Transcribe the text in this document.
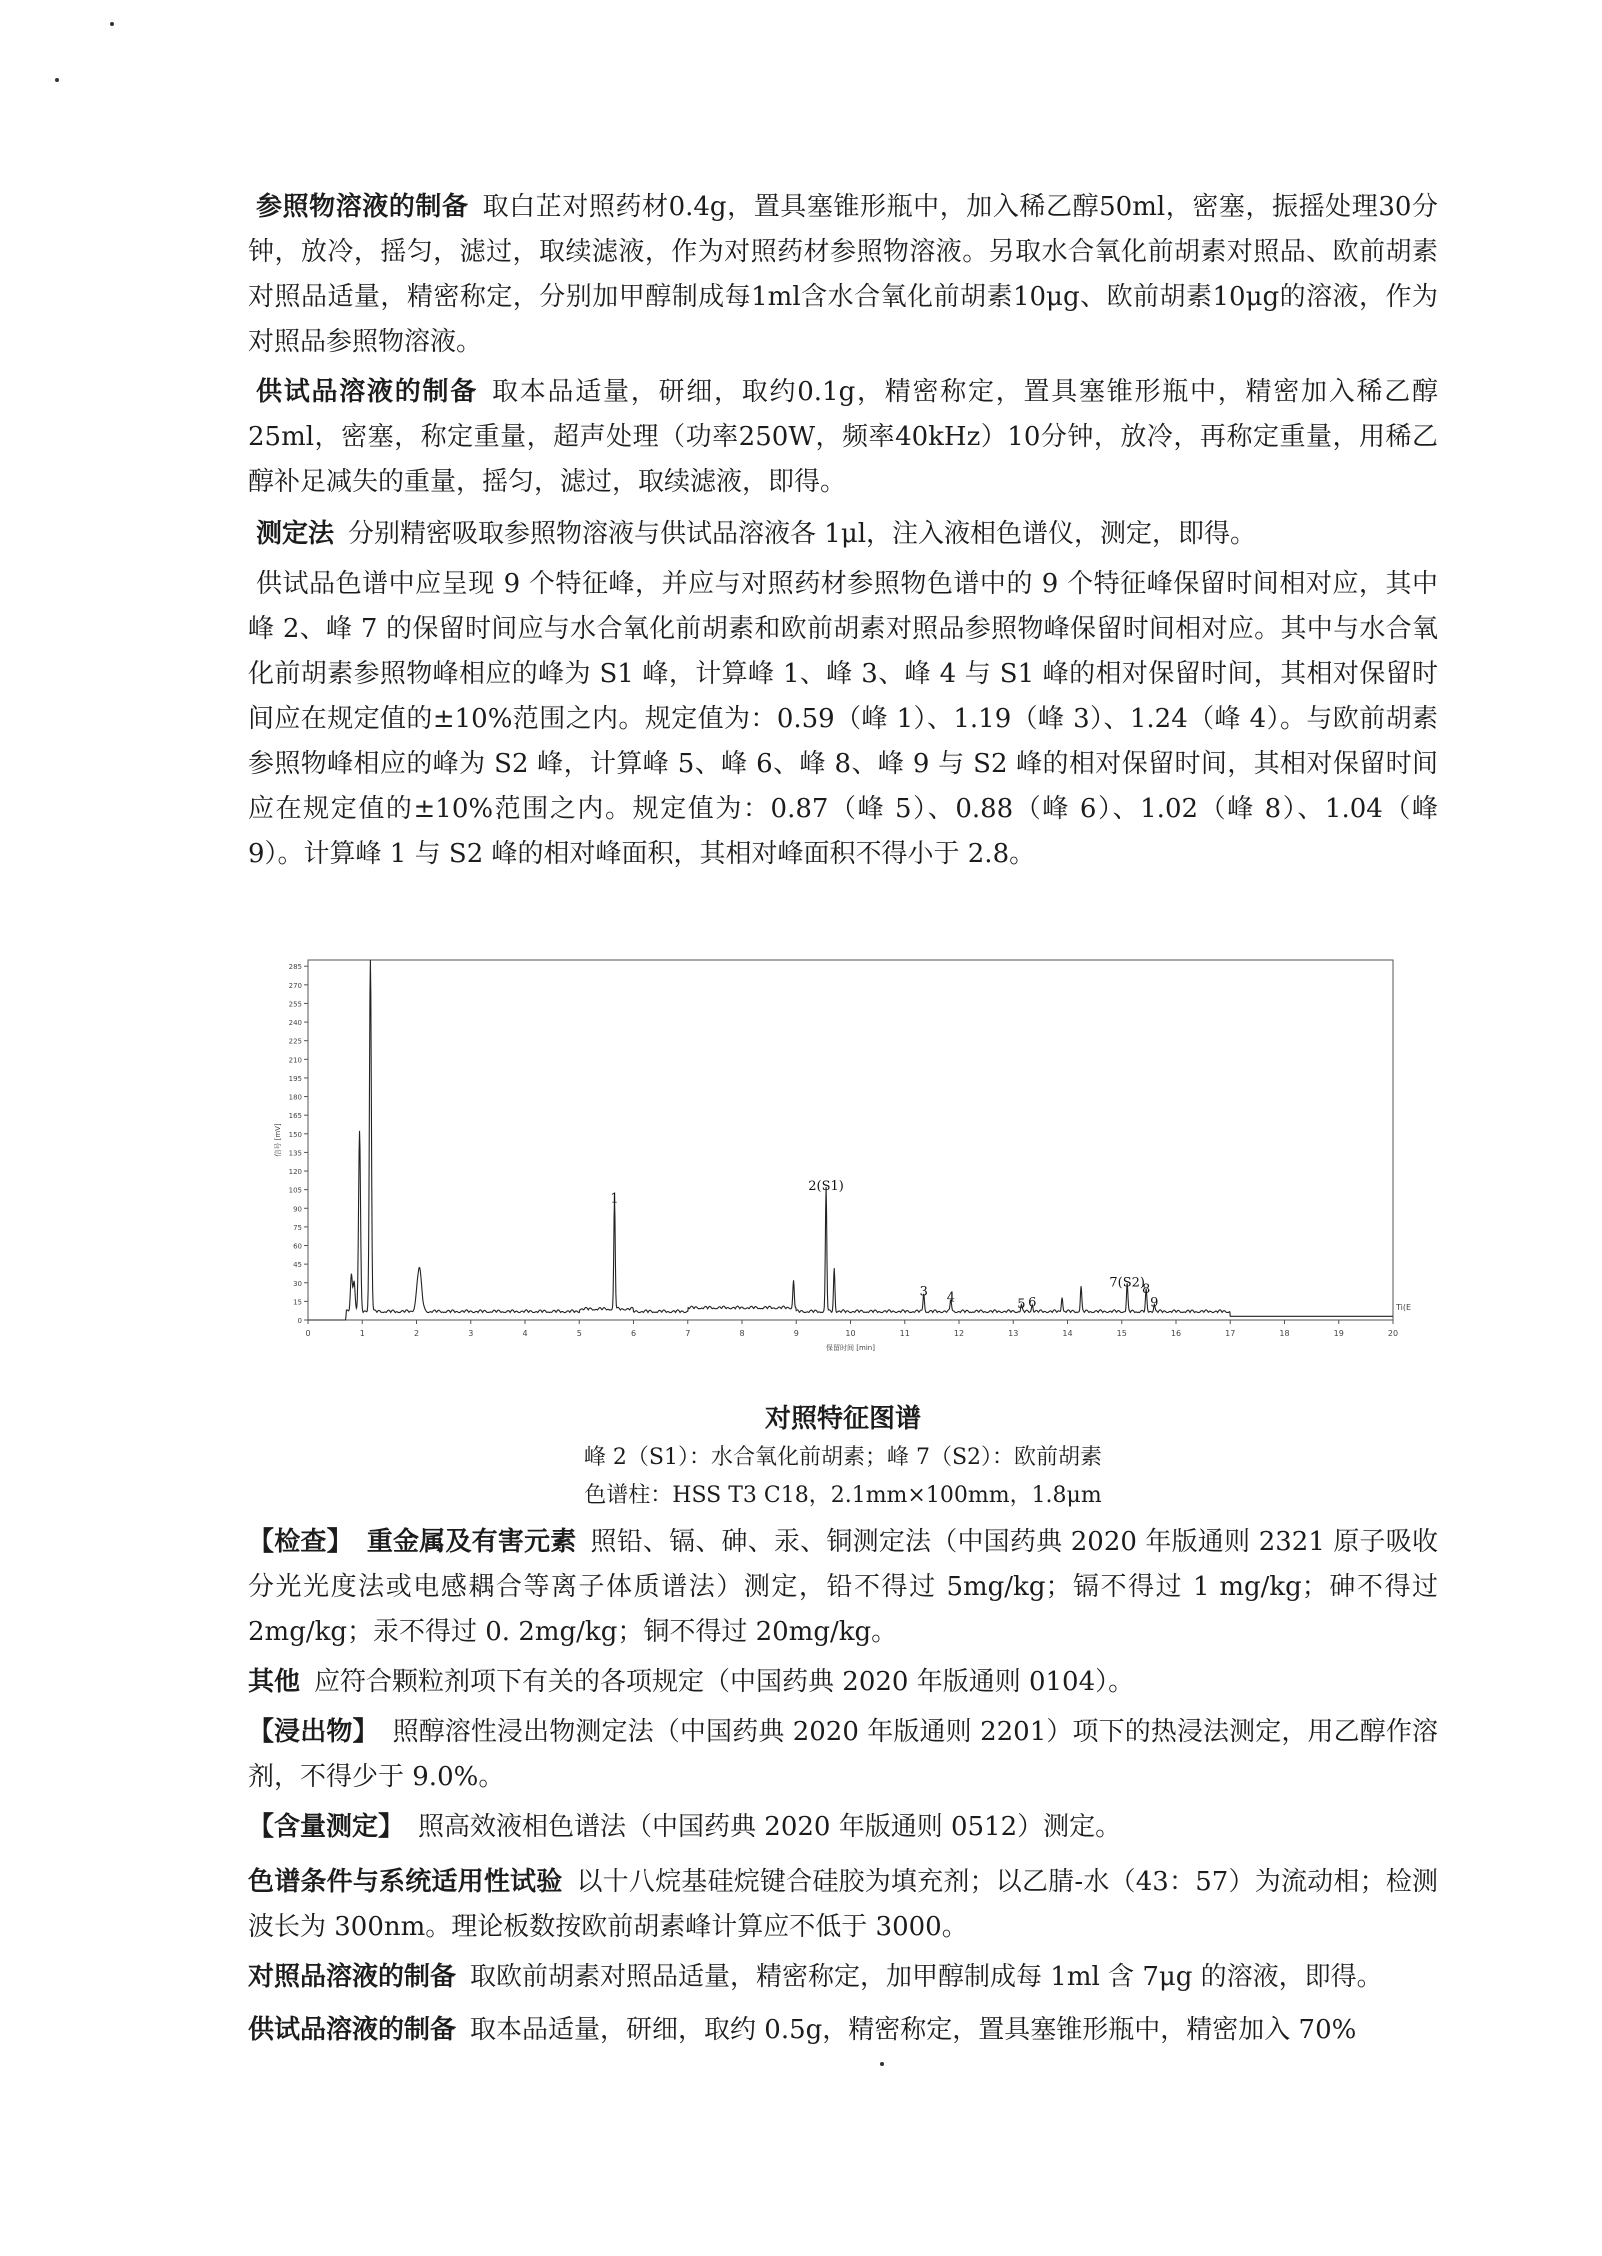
参照物溶液的制备 取白芷对照药材0.4g，置具塞锥形瓶中，加入稀乙醇50ml，密塞，振摇处理30分钟，放冷，摇匀，滤过，取续滤液，作为对照药材参照物溶液。另取水合氧化前胡素对照品、欧前胡素对照品适量，精密称定，分别加甲醇制成每1ml含水合氧化前胡素10μg、欧前胡素10μg的溶液，作为对照品参照物溶液。

供试品溶液的制备 取本品适量，研细，取约0.1g，精密称定，置具塞锥形瓶中，精密加入稀乙醇25ml，密塞，称定重量，超声处理（功率250W，频率40kHz）10分钟，放冷，再称定重量，用稀乙醇补足减失的重量，摇匀，滤过，取续滤液，即得。

测定法 分别精密吸取参照物溶液与供试品溶液各 1μl，注入液相色谱仪，测定，即得。

供试品色谱中应呈现 9 个特征峰，并应与对照药材参照物色谱中的 9 个特征峰保留时间相对应，其中峰 2、峰 7 的保留时间应与水合氧化前胡素和欧前胡素对照品参照物峰保留时间相对应。其中与水合氧化前胡素参照物峰相应的峰为 S1 峰，计算峰 1、峰 3、峰 4 与 S1 峰的相对保留时间，其相对保留时间应在规定值的±10%范围之内。规定值为：0.59（峰 1）、1.19（峰 3）、1.24（峰 4）。与欧前胡素参照物峰相应的峰为 S2 峰，计算峰 5、峰 6、峰 8、峰 9 与 S2 峰的相对保留时间，其相对保留时间应在规定值的±10%范围之内。规定值为：0.87（峰 5）、0.88（峰 6）、1.02（峰 8）、1.04（峰 9）。计算峰 1 与 S2 峰的相对峰面积，其相对峰面积不得小于 2.8。

0
15
30
45
60
75
90
105
120
135
150
165
180
195
210
225
240
255
270
285
0	1	2	3	4	5	6	7	8	9	10	11	12	13	14	15	16	17	18	19	20
保留时间 [min]
信号 [mV]
Ti(E
1
2(S1)
3 4	5 6
7(S2)
8
9

对照特征图谱

峰 2（S1）：水合氧化前胡素；峰 7（S2）：欧前胡素

色谱柱：HSS T3 C18，2.1mm×100mm，1.8μm

【检查】 重金属及有害元素 照铅、镉、砷、汞、铜测定法（中国药典 2020 年版通则 2321 原子吸收分光光度法或电感耦合等离子体质谱法）测定，铅不得过 5mg/kg；镉不得过 1 mg/kg；砷不得过 2mg/kg；汞不得过 0. 2mg/kg；铜不得过 20mg/kg。

其他 应符合颗粒剂项下有关的各项规定（中国药典 2020 年版通则 0104）。

【浸出物】 照醇溶性浸出物测定法（中国药典 2020 年版通则 2201）项下的热浸法测定，用乙醇作溶剂，不得少于 9.0%。

【含量测定】 照高效液相色谱法（中国药典 2020 年版通则 0512）测定。

色谱条件与系统适用性试验 以十八烷基硅烷键合硅胶为填充剂；以乙腈-水（43：57）为流动相；检测波长为 300nm。理论板数按欧前胡素峰计算应不低于 3000。

对照品溶液的制备 取欧前胡素对照品适量，精密称定，加甲醇制成每 1ml 含 7μg 的溶液，即得。

供试品溶液的制备 取本品适量，研细，取约 0.5g，精密称定，置具塞锥形瓶中，精密加入 70%
